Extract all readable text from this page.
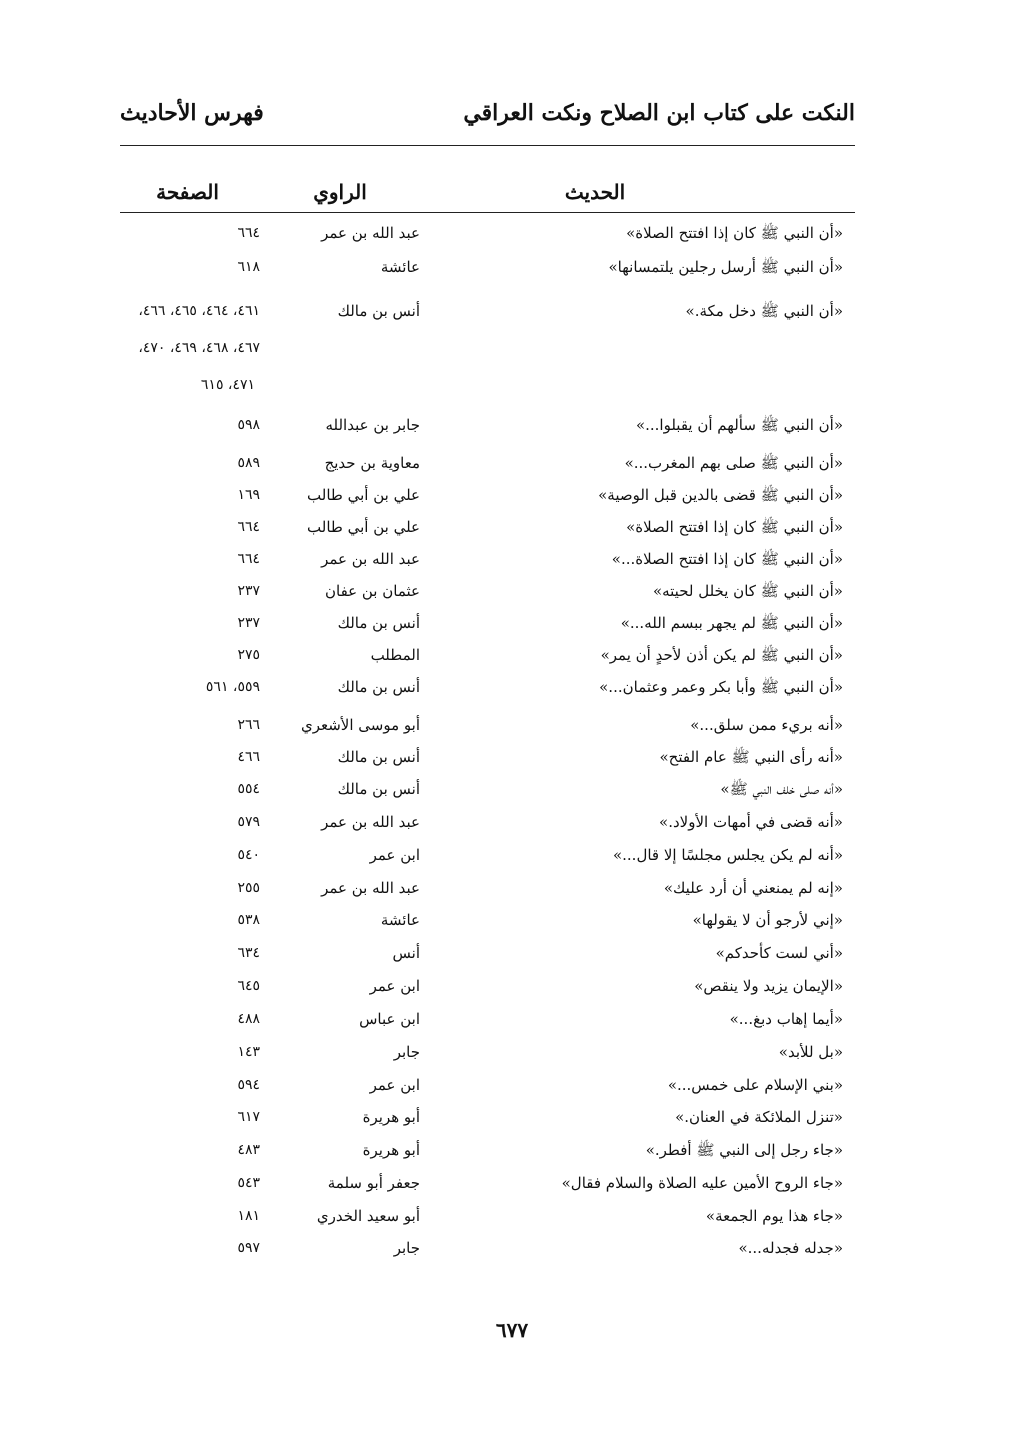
النكت على كتاب ابن الصلاح ونكت العراقي
فهرس الأحاديث
الحديث
الراوي
الصفحة
«أن النبي ﷺ كان إذا افتتح الصلاة»
عبد الله بن عمر
٦٦٤
«أن النبي ﷺ أرسل رجلين يلتمسانها»
عائشة
٦١٨
«أن النبي ﷺ دخل مكة.»
أنس بن مالك
٤٦١، ٤٦٤، ٤٦٥، ٤٦٦،
٤٦٧، ٤٦٨، ٤٦٩، ٤٧٠،
٤٧١، ٦١٥
«أن النبي ﷺ سألهم أن يقبلوا...»
جابر بن عبدالله
٥٩٨
«أن النبي ﷺ صلى بهم المغرب...»
معاوية بن حديج
٥٨٩
«أن النبي ﷺ قضى بالدين قبل الوصية»
علي بن أبي طالب
١٦٩
«أن النبي ﷺ كان إذا افتتح الصلاة»
علي بن أبي طالب
٦٦٤
«أن النبي ﷺ كان إذا افتتح الصلاة...»
عبد الله بن عمر
٦٦٤
«أن النبي ﷺ كان يخلل لحيته»
عثمان بن عفان
٢٣٧
«أن النبي ﷺ لم يجهر ببسم الله...»
أنس بن مالك
٢٣٧
«أن النبي ﷺ لم يكن أذن لأحدٍ أن يمر»
المطلب
٢٧٥
«أن النبي ﷺ وأبا بكر وعمر وعثمان...»
أنس بن مالك
٥٥٩، ٥٦١
«أنه بريء ممن سلق...»
أبو موسى الأشعري
٢٦٦
«أنه رأى النبي ﷺ عام الفتح»
أنس بن مالك
٤٦٦
«أنه صلى خلف النبي ﷺ»
أنس بن مالك
٥٥٤
«أنه قضى في أمهات الأولاد.»
عبد الله بن عمر
٥٧٩
«أنه لم يكن يجلس مجلسًا إلا قال...»
ابن عمر
٥٤٠
«إنه لم يمنعني أن أرد عليك»
عبد الله بن عمر
٢٥٥
«إني لأرجو أن لا يقولها»
عائشة
٥٣٨
«أني لست كأحدكم»
أنس
٦٣٤
«الإيمان يزيد ولا ينقص»
ابن عمر
٦٤٥
«أيما إهاب دبغ...»
ابن عباس
٤٨٨
«بل للأبد»
جابر
١٤٣
«بني الإسلام على خمس...»
ابن عمر
٥٩٤
«تنزل الملائكة في العنان.»
أبو هريرة
٦١٧
«جاء رجل إلى النبي ﷺ أفطر.»
أبو هريرة
٤٨٣
«جاء الروح الأمين عليه الصلاة والسلام فقال»
جعفر أبو سلمة
٥٤٣
«جاء هذا يوم الجمعة»
أبو سعيد الخدري
١٨١
«جدله فجدله...»
جابر
٥٩٧
٦٧٧
